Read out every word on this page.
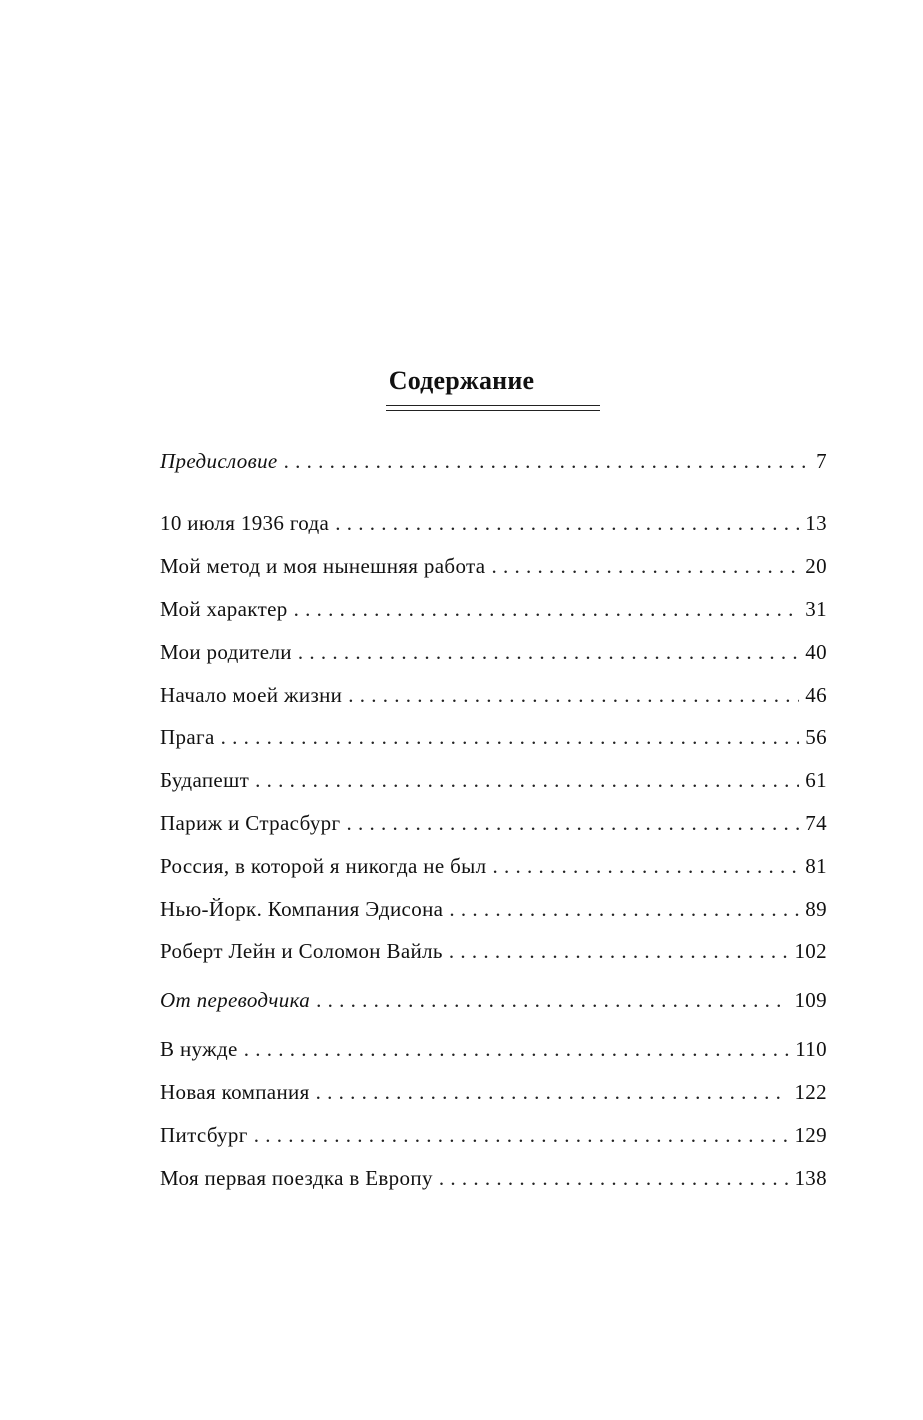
Содержание
Предисловие . . .	7
10 июля 1936 года . . .	13
Мой метод и моя нынешняя работа . . .	20
Мой характер . . .	31
Мои родители . . .	40
Начало моей жизни . . .	46
Прага . . .	56
Будапешт . . .	61
Париж и Страсбург . . .	74
Россия, в которой я никогда не был . . .	81
Нью-Йорк. Компания Эдисона . . .	89
Роберт Лейн и Соломон Вайль . . .	102
От переводчика . . .	109
В нужде . . .	110
Новая компания . . .	122
Питсбург . . .	129
Моя первая поездка в Европу . . .	138
